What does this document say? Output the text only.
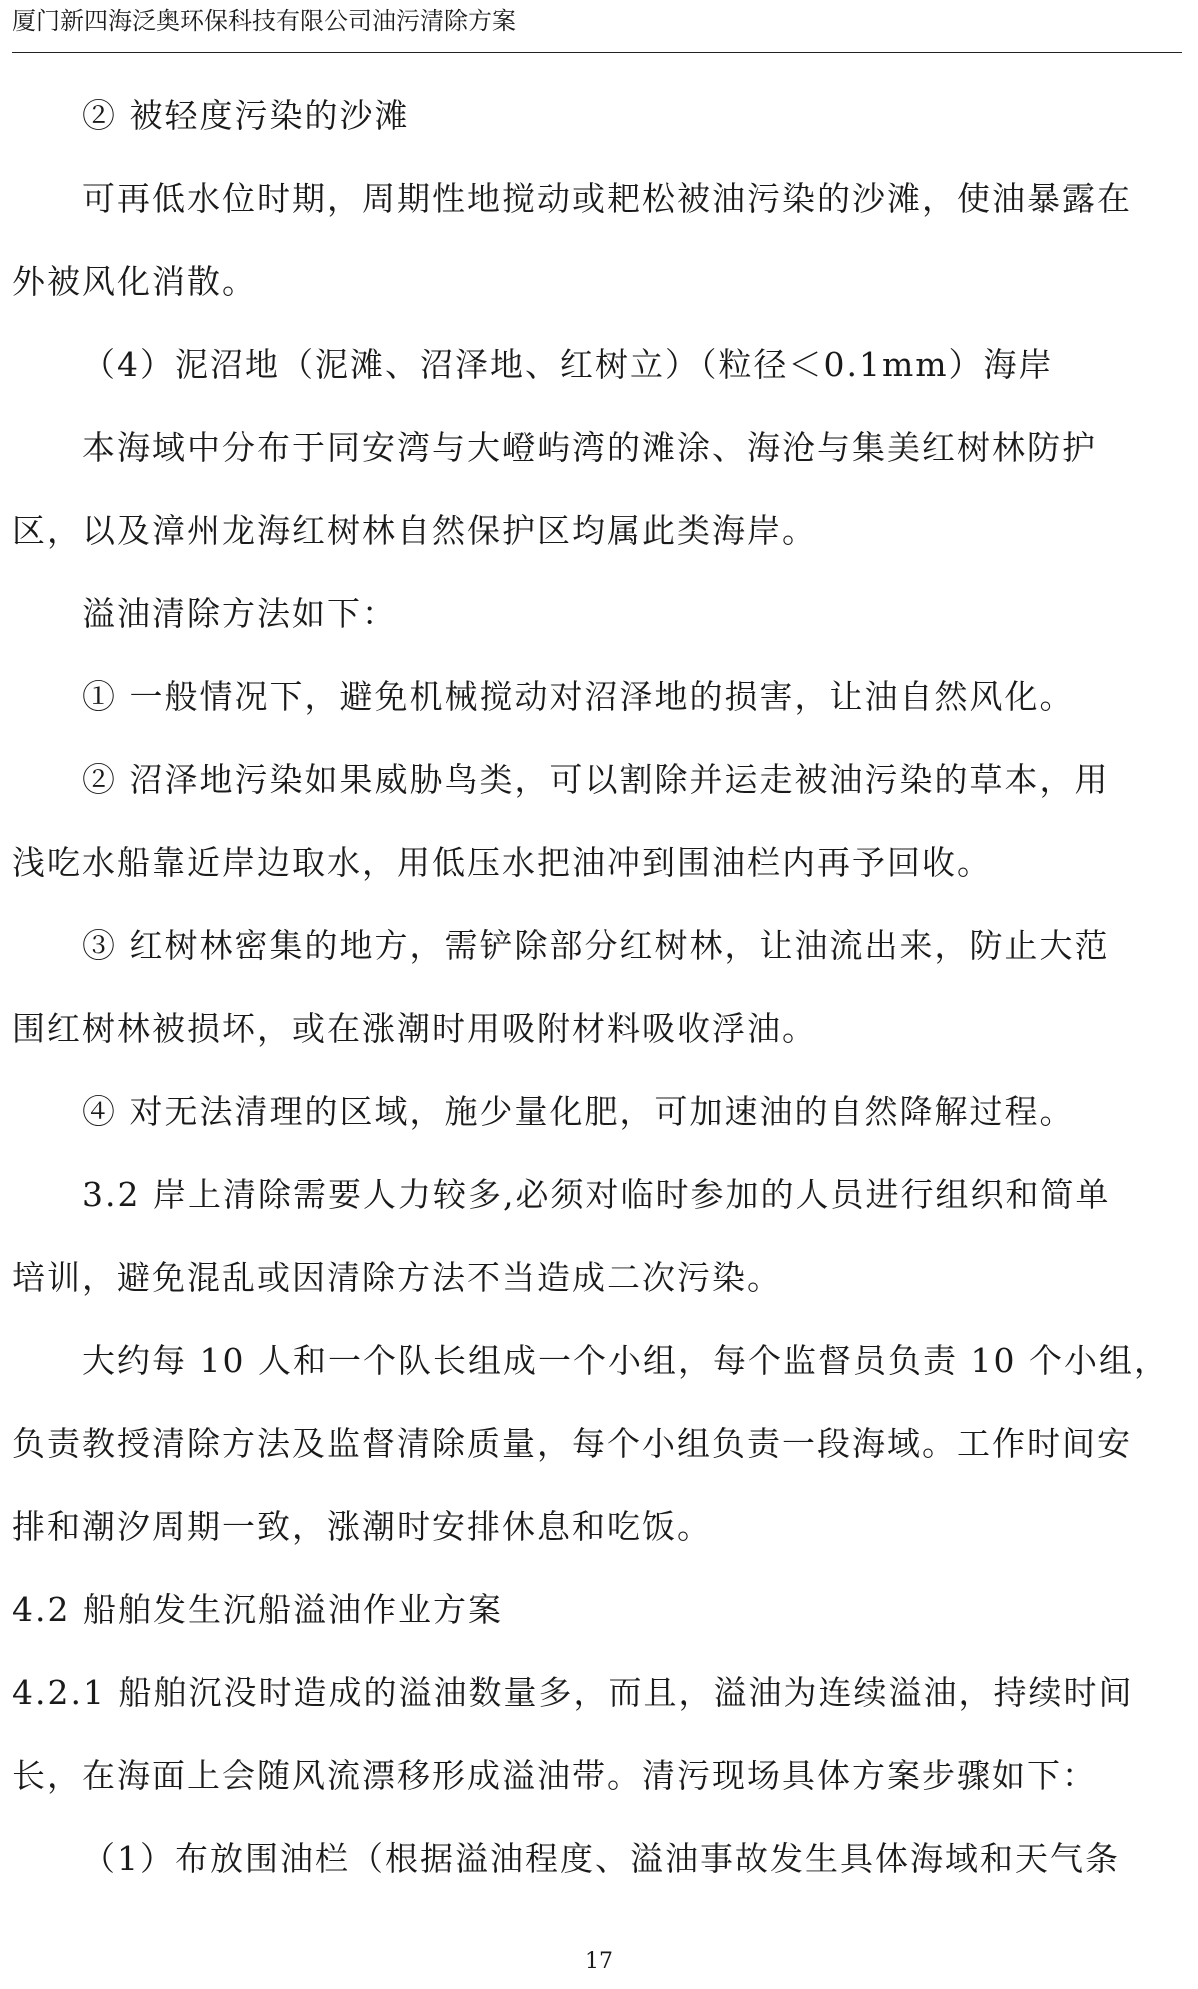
厦门新四海泛奥环保科技有限公司油污清除方案
② 被轻度污染的沙滩
可再低水位时期，周期性地搅动或耙松被油污染的沙滩，使油暴露在
外被风化消散。
（4）泥沼地（泥滩、沼泽地、红树立）（粒径＜0.1mm）海岸
本海域中分布于同安湾与大嶝屿湾的滩涂、海沧与集美红树林防护
区，以及漳州龙海红树林自然保护区均属此类海岸。
溢油清除方法如下：
① 一般情况下，避免机械搅动对沼泽地的损害，让油自然风化。
② 沼泽地污染如果威胁鸟类，可以割除并运走被油污染的草本，用
浅吃水船靠近岸边取水，用低压水把油冲到围油栏内再予回收。
③ 红树林密集的地方，需铲除部分红树林，让油流出来，防止大范
围红树林被损坏，或在涨潮时用吸附材料吸收浮油。
④ 对无法清理的区域，施少量化肥，可加速油的自然降解过程。
3.2 岸上清除需要人力较多,必须对临时参加的人员进行组织和简单
培训，避免混乱或因清除方法不当造成二次污染。
大约每 10 人和一个队长组成一个小组，每个监督员负责 10 个小组，
负责教授清除方法及监督清除质量，每个小组负责一段海域。工作时间安
排和潮汐周期一致，涨潮时安排休息和吃饭。
4.2 船舶发生沉船溢油作业方案
4.2.1 船舶沉没时造成的溢油数量多，而且，溢油为连续溢油，持续时间
长，在海面上会随风流漂移形成溢油带。清污现场具体方案步骤如下：
（1）布放围油栏（根据溢油程度、溢油事故发生具体海域和天气条
17
